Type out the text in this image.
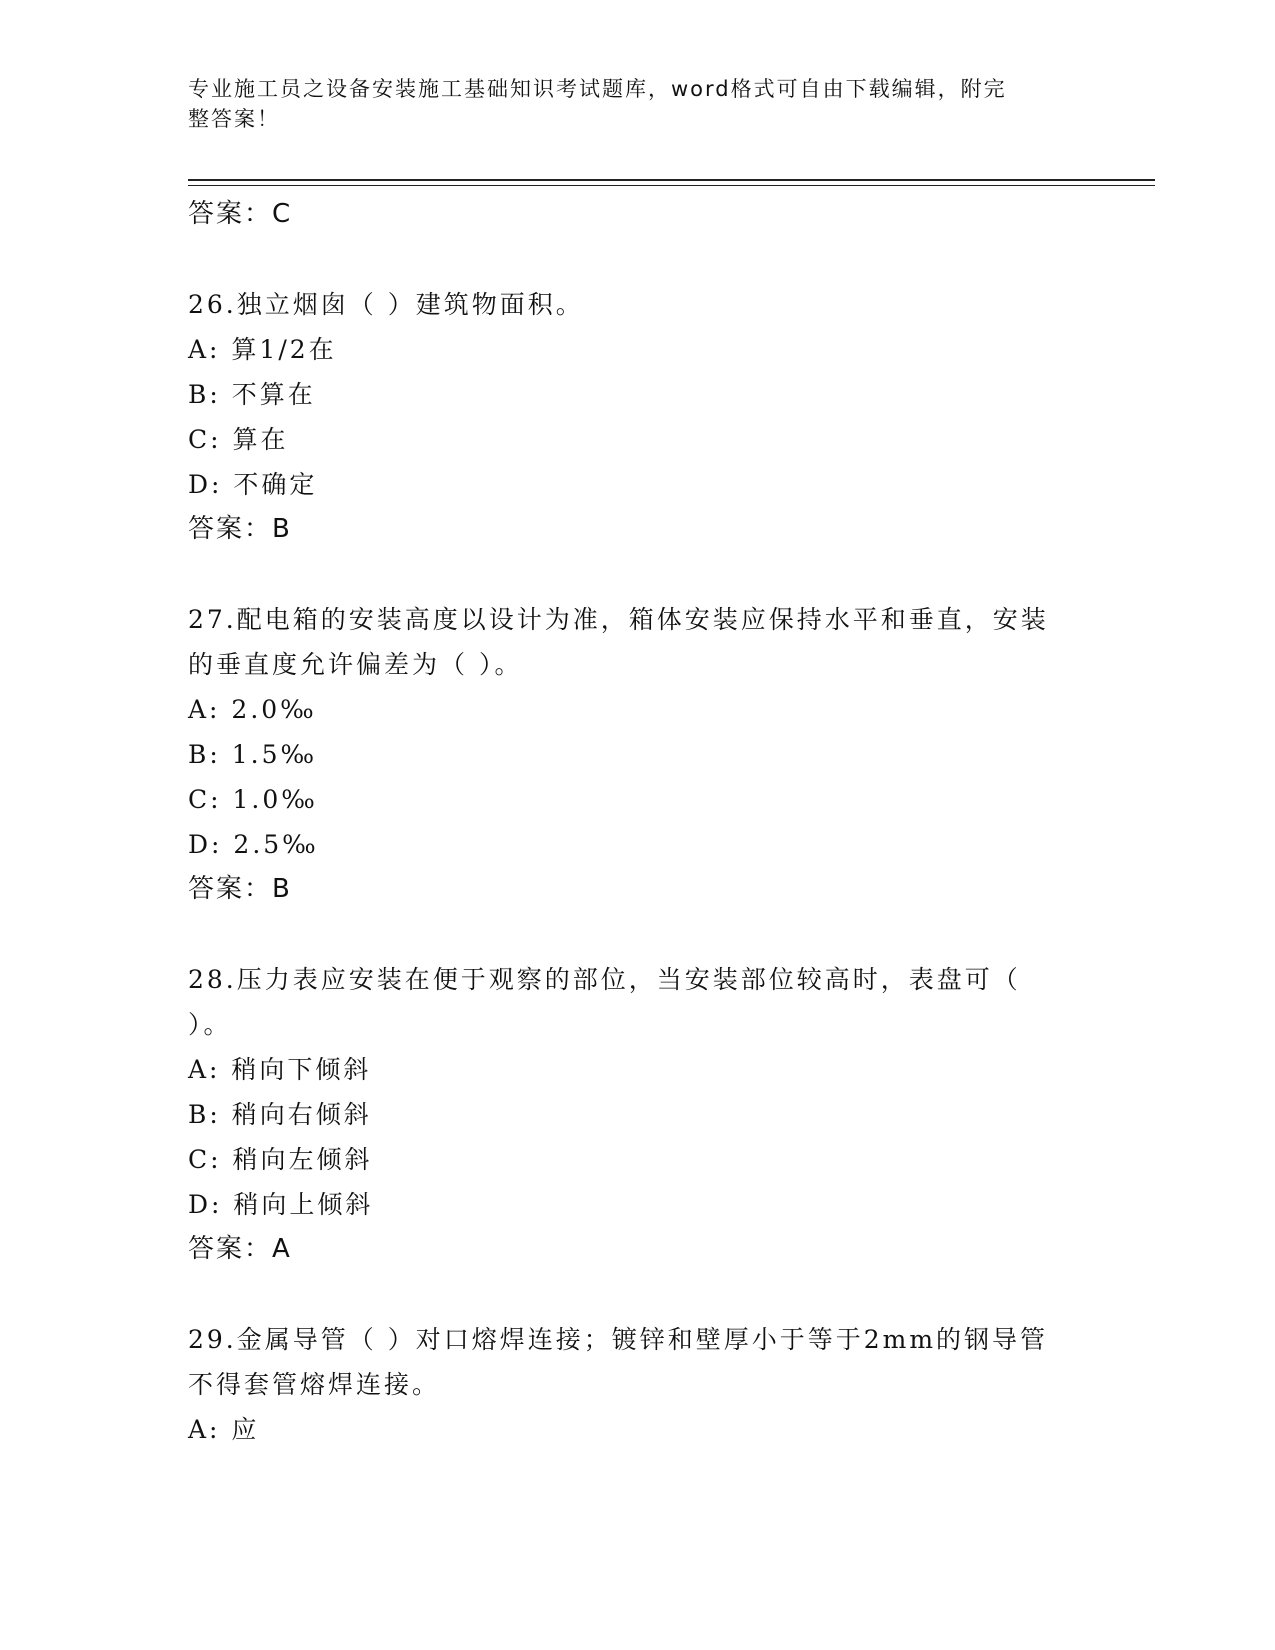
专业施工员之设备安装施工基础知识考试题库，word格式可自由下载编辑，附完
整答案！
答案：C
26.独立烟囱（ ）建筑物面积。
A: 算1/2在
B: 不算在
C: 算在
D: 不确定
答案：B
27.配电箱的安装高度以设计为准，箱体安装应保持水平和垂直，安装
的垂直度允许偏差为（ ）。
A: 2.0‰
B: 1.5‰
C: 1.0‰
D: 2.5‰
答案：B
28.压力表应安装在便于观察的部位，当安装部位较高时，表盘可（
）。
A: 稍向下倾斜
B: 稍向右倾斜
C: 稍向左倾斜
D: 稍向上倾斜
答案：A
29.金属导管（ ）对口熔焊连接；镀锌和壁厚小于等于2mm的钢导管
不得套管熔焊连接。
A: 应
